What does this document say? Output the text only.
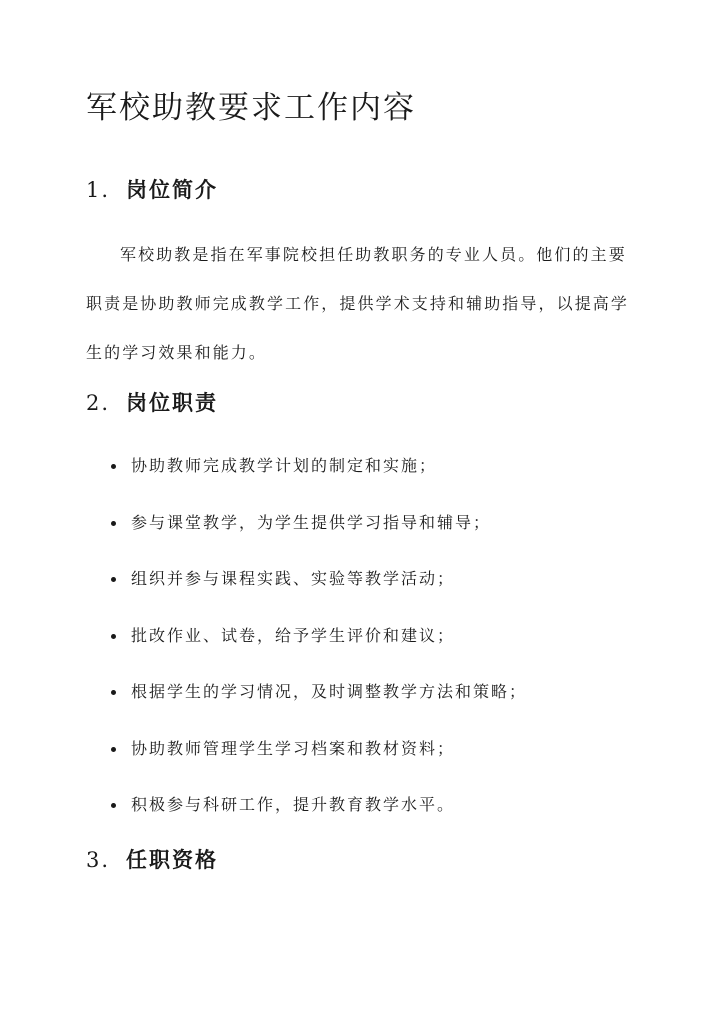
军校助教要求工作内容
1. 岗位简介

军校助教是指在军事院校担任助教职务的专业人员。他们的主要职责是协助教师完成教学工作，提供学术支持和辅助指导，以提高学生的学习效果和能力。

2. 岗位职责
协助教师完成教学计划的制定和实施；
参与课堂教学，为学生提供学习指导和辅导；
组织并参与课程实践、实验等教学活动；
批改作业、试卷，给予学生评价和建议；
根据学生的学习情况，及时调整教学方法和策略；
协助教师管理学生学习档案和教材资料；
积极参与科研工作，提升教育教学水平。
3. 任职资格
